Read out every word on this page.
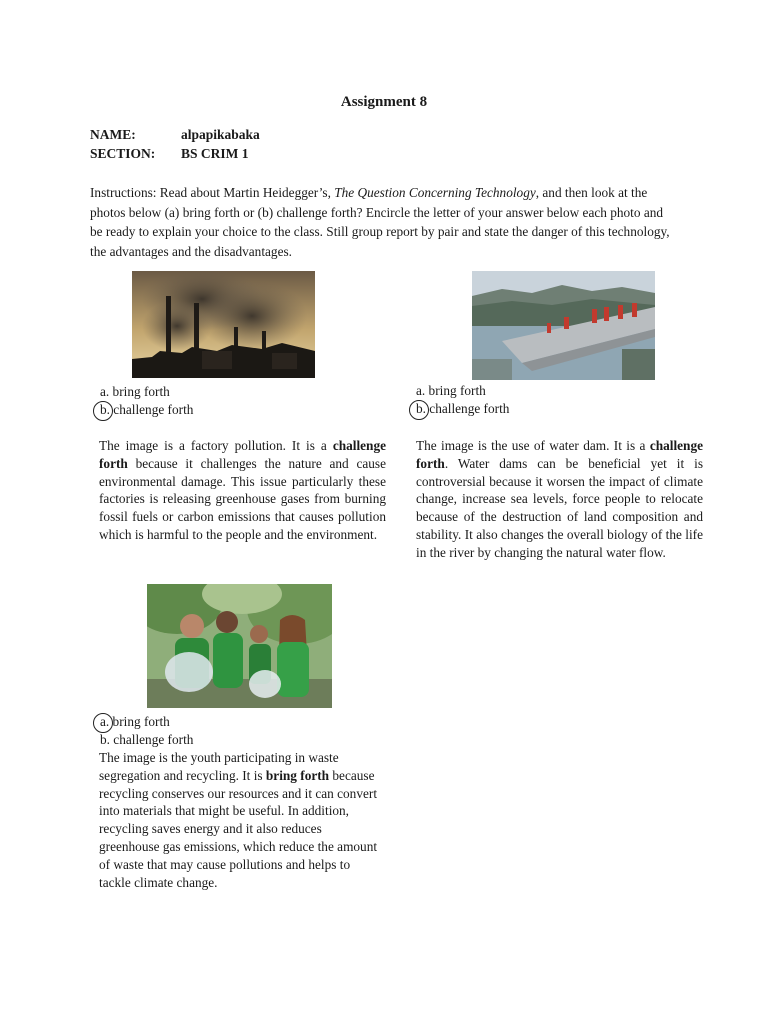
Assignment 8
NAME:	alpapikabaka
SECTION: BS CRIM 1
Instructions: Read about Martin Heidegger’s, The Question Concerning Technology, and then look at the photos below (a) bring forth or (b) challenge forth? Encircle the letter of your answer below each photo and be ready to explain your choice to the class. Still group report by pair and state the danger of this technology, the advantages and the disadvantages.
a. bring forth
b. challenge forth
a. bring forth
b. challenge forth
The image is a factory pollution. It is a challenge forth because it challenges the nature and cause environmental damage. This issue particularly these factories is releasing greenhouse gases from burning fossil fuels or carbon emissions that causes pollution which is harmful to the people and the environment.
The image is the use of water dam. It is a challenge forth. Water dams can be beneficial yet it is controversial because it worsen the impact of climate change, increase sea levels, force people to relocate because of the destruction of land composition and stability. It also changes the overall biology of the life in the river by changing the natural water flow.
a. bring forth
b. challenge forth
The image is the youth participating in waste segregation and recycling. It is bring forth because recycling conserves our resources and it can convert into materials that might be useful. In addition, recycling saves energy and it also reduces greenhouse gas emissions, which reduce the amount of waste that may cause pollutions and helps to tackle climate change.
